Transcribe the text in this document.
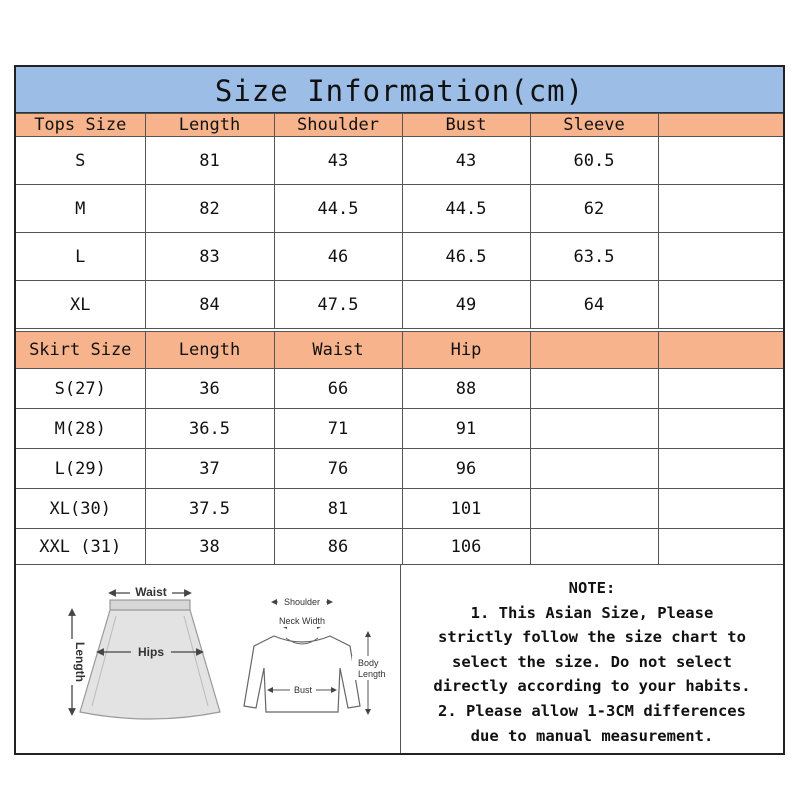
Size Information(cm)
Tops Size	Length	Shoulder	Bust	Sleeve	
S	81	43	43	60.5	
M	82	44.5	44.5	62	
L	83	46	46.5	63.5	
XL	84	47.5	49	64	
Skirt Size	Length	Waist	Hip		
S(27)	36	66	88		
M(28)	36.5	71	91		
L(29)	37	76	96		
XL(30)	37.5	81	101		
XXL (31)	38	86	106		
Waist
Hips
Length
Shoulder
Neck Width
Bust
Body Length
NOTE:
1. This Asian Size, Please
strictly follow the size chart to
select the size. Do not select
directly according to your habits.
2. Please allow 1-3CM differences
due to manual measurement.
